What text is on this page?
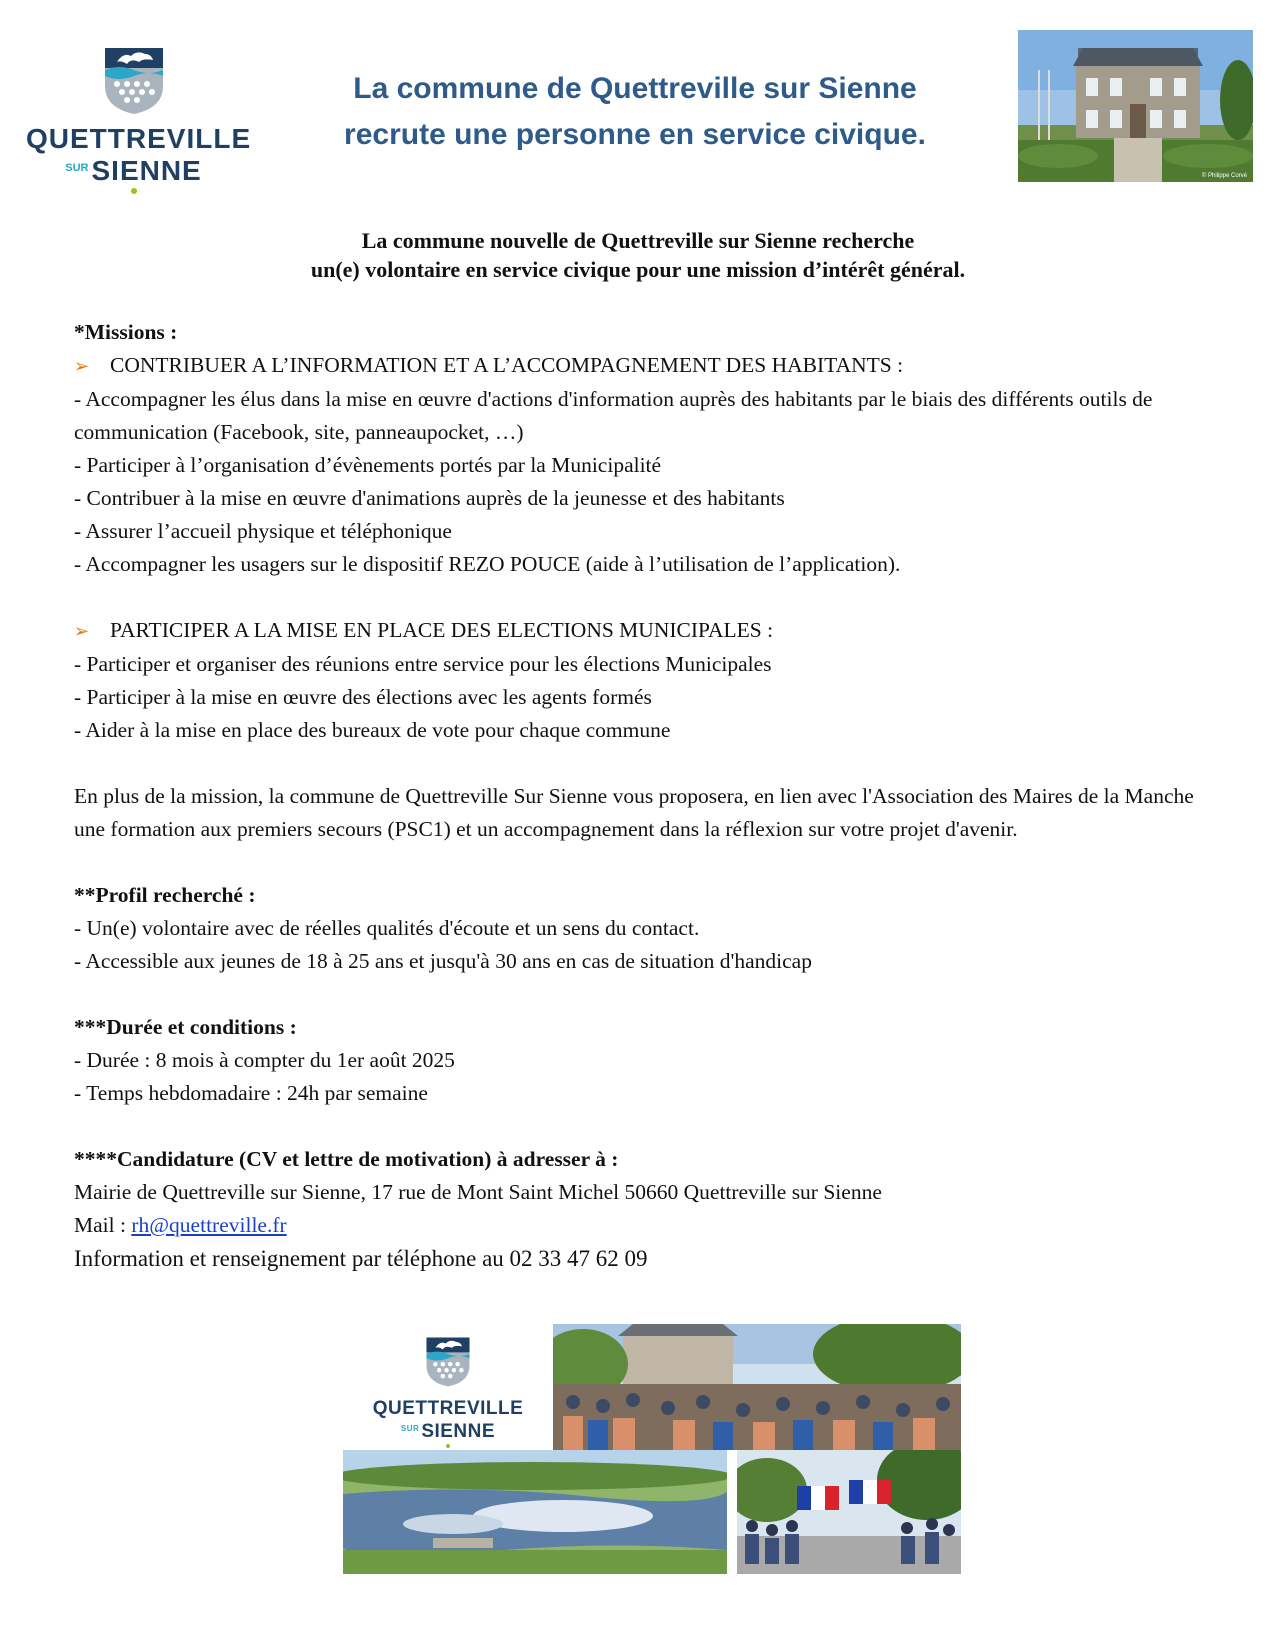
QUETTREVILLE
$^{SUR}$ SIENNE
La commune de Quettreville sur Sienne
recrute une personne en service civique.
© Philippe Corvé
La commune nouvelle de Quettreville sur Sienne recherche
un(e) volontaire en service civique pour une mission d’intérêt général.

*Missions :

➢ CONTRIBUER A L’INFORMATION ET A L’ACCOMPAGNEMENT DES HABITANTS :

- Accompagner les élus dans la mise en œuvre d'actions d'information auprès des habitants par le biais des différents outils de communication (Facebook, site, panneaupocket, …)

- Participer à l’organisation d’évènements portés par la Municipalité

- Contribuer à la mise en œuvre d'animations auprès de la jeunesse et des habitants

- Assurer l’accueil physique et téléphonique

- Accompagner les usagers sur le dispositif REZO POUCE (aide à l’utilisation de l’application).

➢ PARTICIPER A LA MISE EN PLACE DES ELECTIONS MUNICIPALES :

- Participer et organiser des réunions entre service pour les élections Municipales

- Participer à la mise en œuvre des élections avec les agents formés

- Aider à la mise en place des bureaux de vote pour chaque commune

En plus de la mission, la commune de Quettreville Sur Sienne vous proposera, en lien avec l'Association des Maires de la Manche une formation aux premiers secours (PSC1) et un accompagnement dans la réflexion sur votre projet d'avenir.

**Profil recherché :

- Un(e) volontaire avec de réelles qualités d'écoute et un sens du contact.

- Accessible aux jeunes de 18 à 25 ans et jusqu'à 30 ans en cas de situation d'handicap

***Durée et conditions :

- Durée : 8 mois à compter du 1er août 2025

- Temps hebdomadaire : 24h par semaine

****Candidature (CV et lettre de motivation) à adresser à :

Mairie de Quettreville sur Sienne, 17 rue de Mont Saint Michel 50660 Quettreville sur Sienne

Mail : rh@quettreville.fr

Information et renseignement par téléphone au 02 33 47 62 09

QUETTREVILLE
$^{SUR}$ SIENNE
